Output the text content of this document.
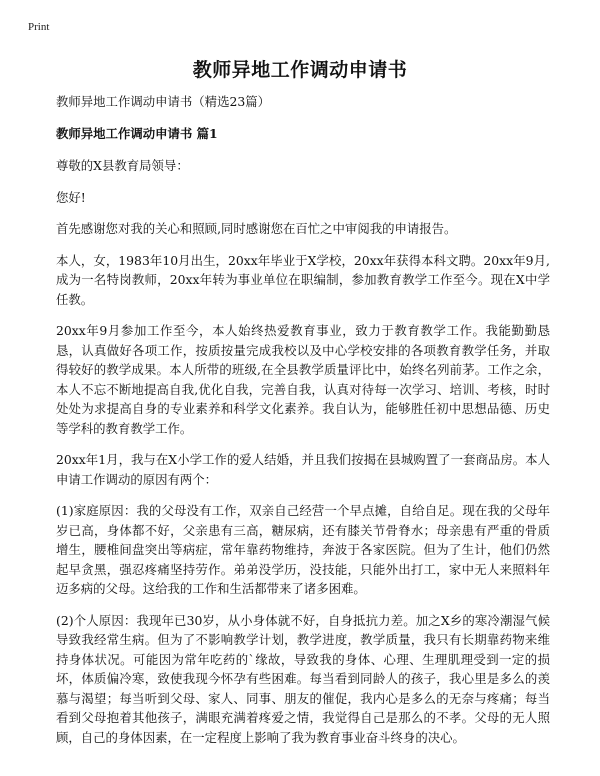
Print
教师异地工作调动申请书

教师异地工作调动申请书（精选23篇）

教师异地工作调动申请书 篇1

尊敬的X县教育局领导：

您好!

首先感谢您对我的关心和照顾,同时感谢您在百忙之中审阅我的申请报告。

本人，女，1983年10月出生，20xx年毕业于X学校，20xx年获得本科文聘。20xx年9月,成为一名特岗教师，20xx年转为事业单位在职编制，参加教育教学工作至今。现在X中学任教。

20xx年9月参加工作至今，本人始终热爱教育事业，致力于教育教学工作。我能勤勤恳恳，认真做好各项工作，按质按量完成我校以及中心学校安排的各项教育教学任务，并取得较好的教学成果。本人所带的班级,在全县教学质量评比中，始终名列前茅。工作之余，本人不忘不断地提高自我,优化自我，完善自我，认真对待每一次学习、培训、考核，时时处处为求提高自身的专业素养和科学文化素养。我自认为，能够胜任初中思想品德、历史等学科的教育教学工作。

20xx年1月，我与在X小学工作的爱人结婚，并且我们按揭在县城购置了一套商品房。本人申请工作调动的原因有两个：

(1)家庭原因：我的父母没有工作，双亲自己经营一个早点摊，自给自足。现在我的父母年岁已高，身体都不好，父亲患有三高，糖尿病，还有膝关节骨脊水；母亲患有严重的骨质增生，腰椎间盘突出等病症，常年靠药物维持，奔波于各家医院。但为了生计，他们仍然起早贪黑，强忍疼痛坚持劳作。弟弟没学历，没技能，只能外出打工，家中无人来照料年迈多病的父母。这给我的工作和生活都带来了诸多困难。

(2)个人原因：我现年已30岁，从小身体就不好，自身抵抗力差。加之X乡的寒冷潮湿气候导致我经常生病。但为了不影响教学计划，教学进度，教学质量，我只有长期靠药物来维持身体状况。可能因为常年吃药的`缘故，导致我的身体、心理、生理肌理受到一定的损坏，体质偏冷寒，致使我现今怀孕有些困难。每当看到同龄人的孩子，我心里是多么的羡慕与渴望；每当听到父母、家人、同事、朋友的催促，我内心是多么的无奈与疼痛；每当看到父母抱着其他孩子，满眼充满着疼爱之情，我觉得自己是那么的不孝。父母的无人照顾，自己的身体因素，在一定程度上影响了我为教育事业奋斗终身的决心。
